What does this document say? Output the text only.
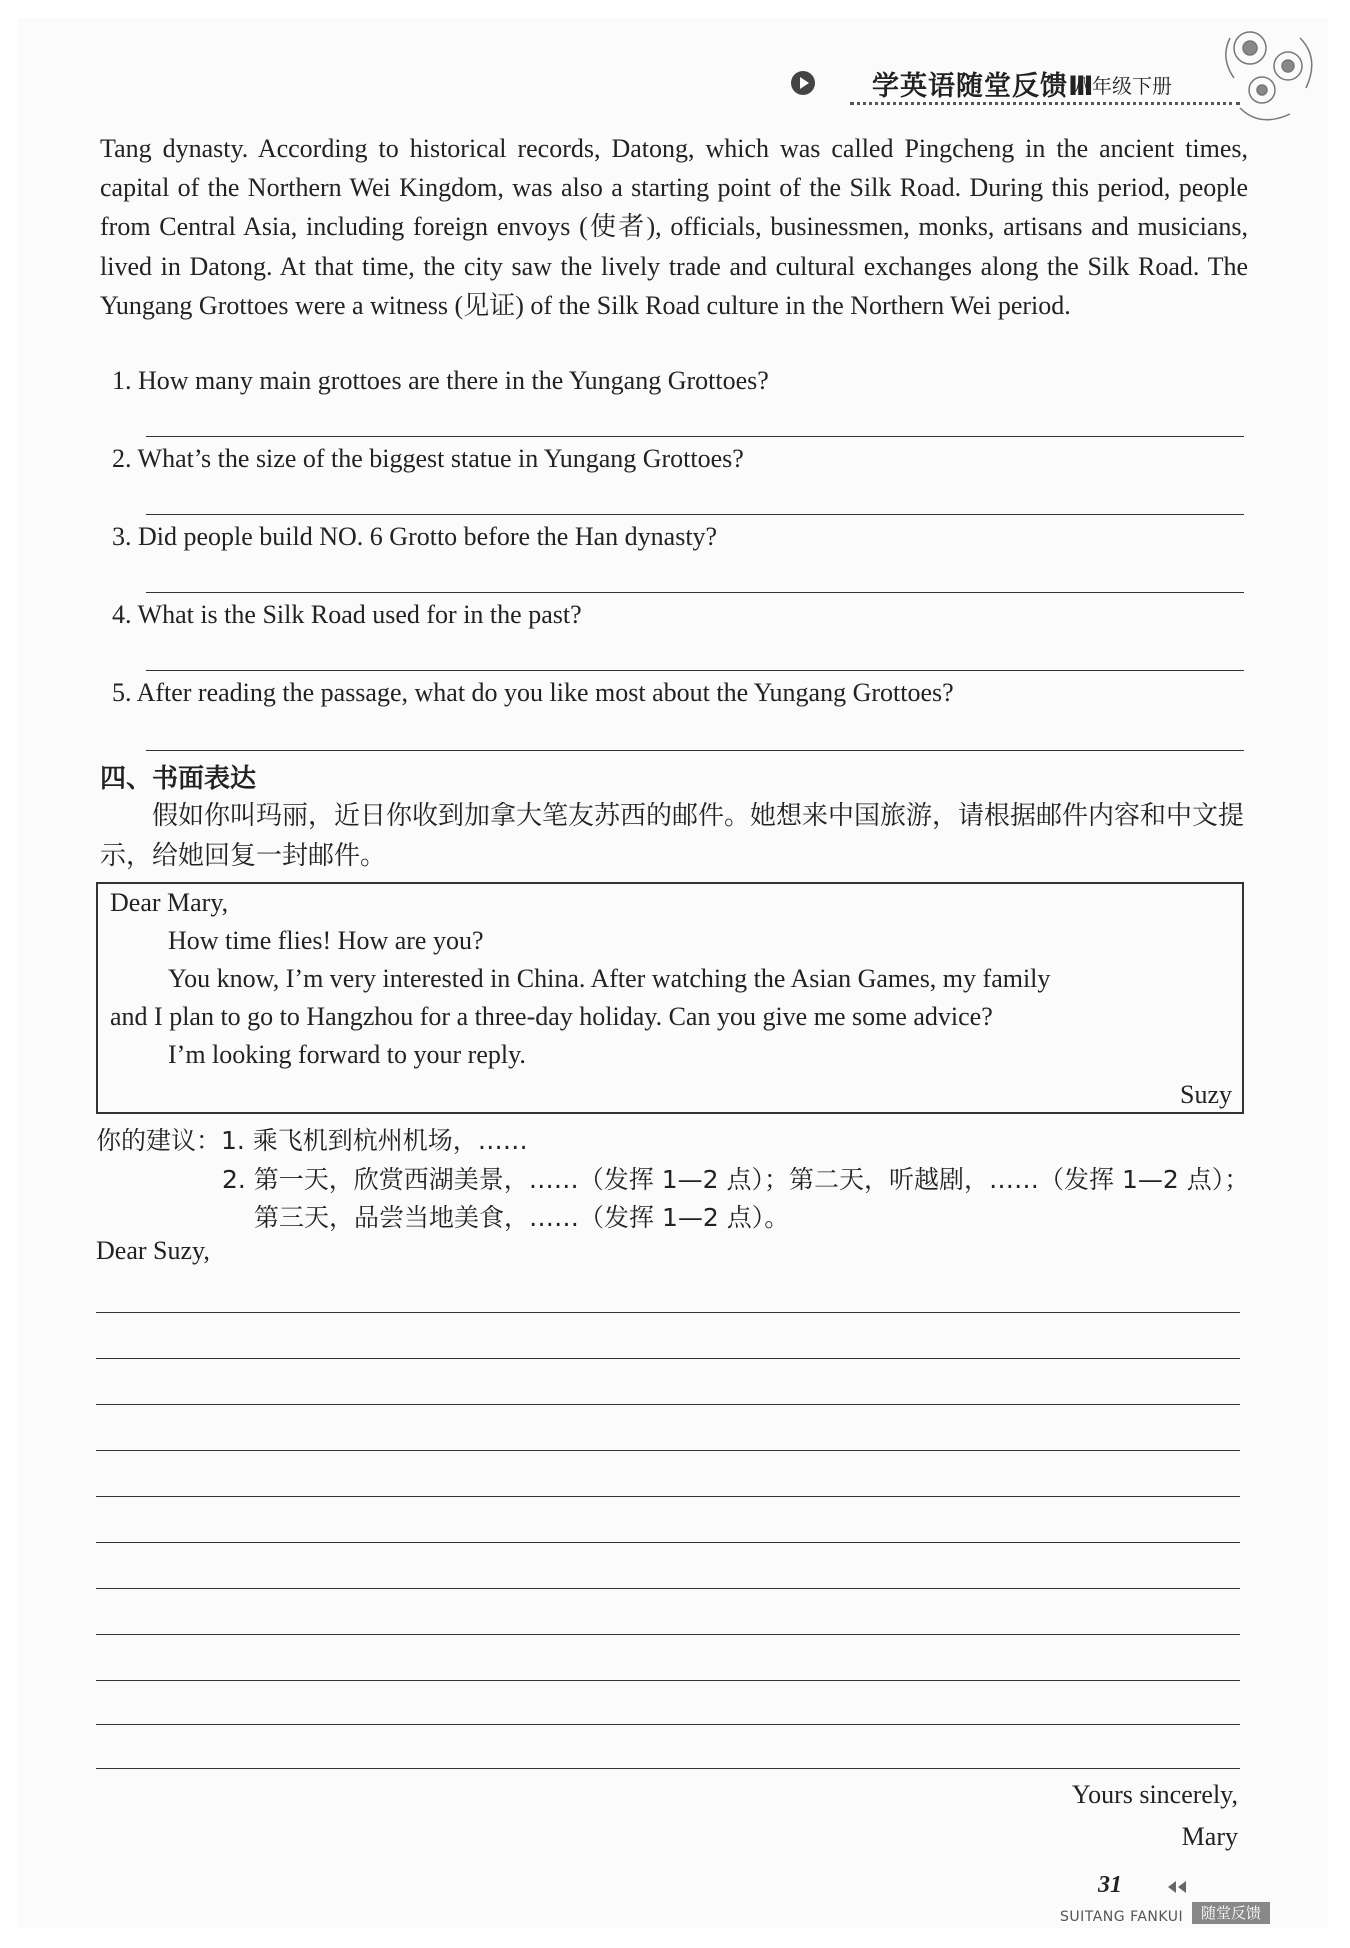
学英语随堂反馈Ⅲ
八年级下册

Tang dynasty. According to historical records, Datong, which was called Pingcheng in the ancient times, capital of the Northern Wei Kingdom, was also a starting point of the Silk Road. During this period, people from Central Asia, including foreign envoys (使者), officials, businessmen, monks, artisans and musicians, lived in Datong. At that time, the city saw the lively trade and cultural exchanges along the Silk Road. The Yungang Grottoes were a witness (见证) of the Silk Road culture in the Northern Wei period.

1. How many main grottoes are there in the Yungang Grottoes?
2. What’s the size of the biggest statue in Yungang Grottoes?
3. Did people build NO. 6 Grotto before the Han dynasty?
4. What is the Silk Road used for in the past?
5. After reading the passage, what do you like most about the Yungang Grottoes?
四、书面表达

假如你叫玛丽，近日你收到加拿大笔友苏西的邮件。她想来中国旅游，请根据邮件内容和中文提示，给她回复一封邮件。

Dear Mary,
How time flies! How are you?
You know, I’m very interested in China. After watching the Asian Games, my family
and I plan to go to Hangzhou for a three-day holiday. Can you give me some advice?
I’m looking forward to your reply.
Suzy
你的建议：1. 乘飞机到杭州机场，……
2. 第一天，欣赏西湖美景，……（发挥 1—2 点）；第二天，听越剧，……（发挥 1—2 点）；
第三天，品尝当地美食，……（发挥 1—2 点）。
Dear Suzy,
Yours sincerely,
Mary
31
SUITANG FANKUI	随堂反馈
